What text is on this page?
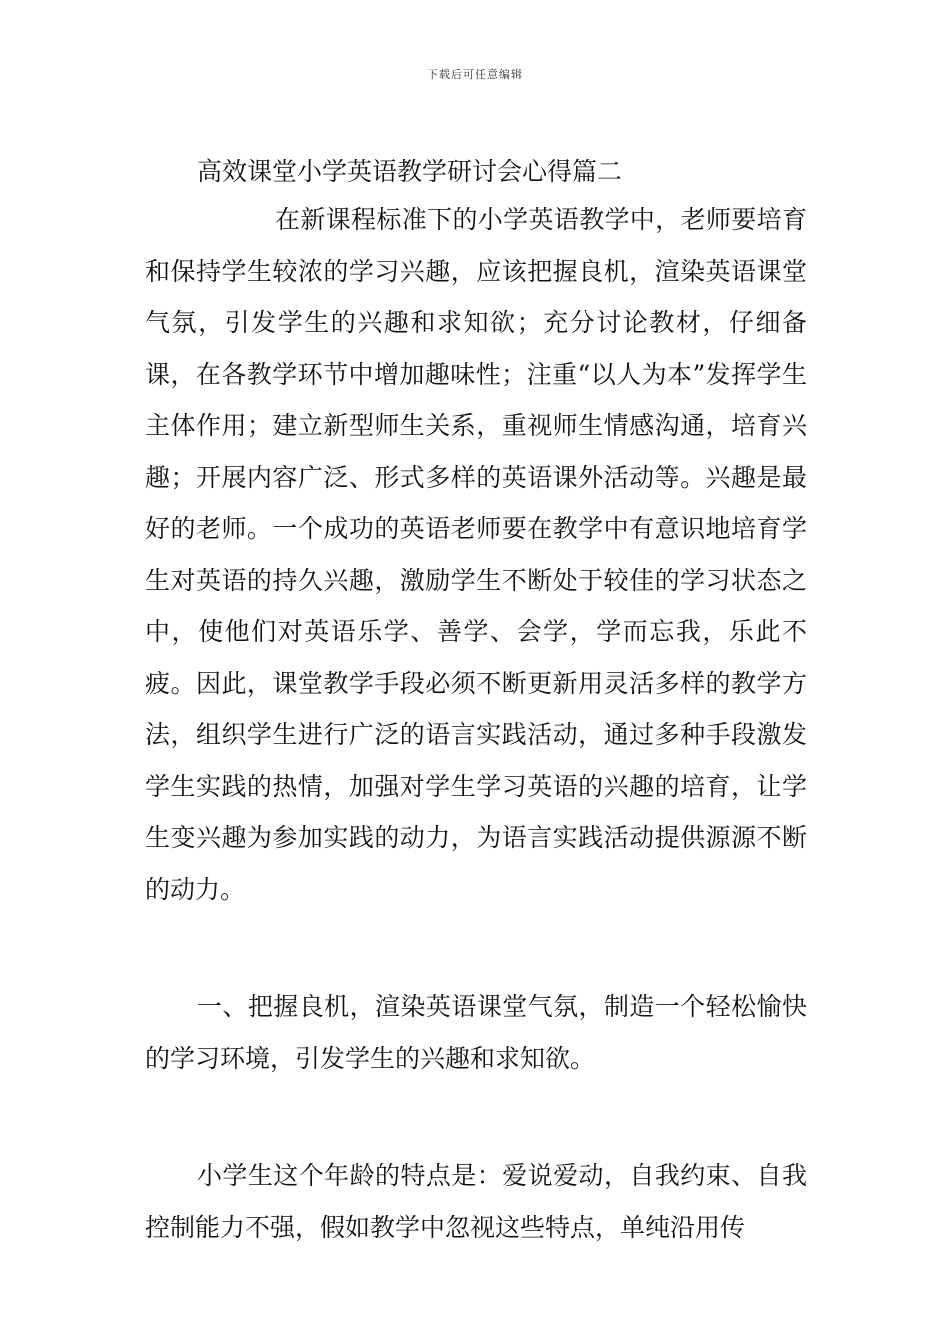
下载后可任意编辑
高效课堂小学英语教学研讨会心得篇二

在新课程标准下的小学英语教学中，老师要培育和保持学生较浓的学习兴趣，应该把握良机，渲染英语课堂气氛，引发学生的兴趣和求知欲；充分讨论教材，仔细备课，在各教学环节中增加趣味性；注重“以人为本”发挥学生主体作用；建立新型师生关系，重视师生情感沟通，培育兴趣；开展内容广泛、形式多样的英语课外活动等。兴趣是最好的老师。一个成功的英语老师要在教学中有意识地培育学生对英语的持久兴趣，激励学生不断处于较佳的学习状态之中，使他们对英语乐学、善学、会学，学而忘我，乐此不疲。因此，课堂教学手段必须不断更新用灵活多样的教学方法，组织学生进行广泛的语言实践活动，通过多种手段激发学生实践的热情，加强对学生学习英语的兴趣的培育，让学生变兴趣为参加实践的动力，为语言实践活动提供源源不断的动力。

一、把握良机，渲染英语课堂气氛，制造一个轻松愉快的学习环境，引发学生的兴趣和求知欲。

小学生这个年龄的特点是：爱说爱动，自我约束、自我控制能力不强，假如教学中忽视这些特点，单纯沿用传
